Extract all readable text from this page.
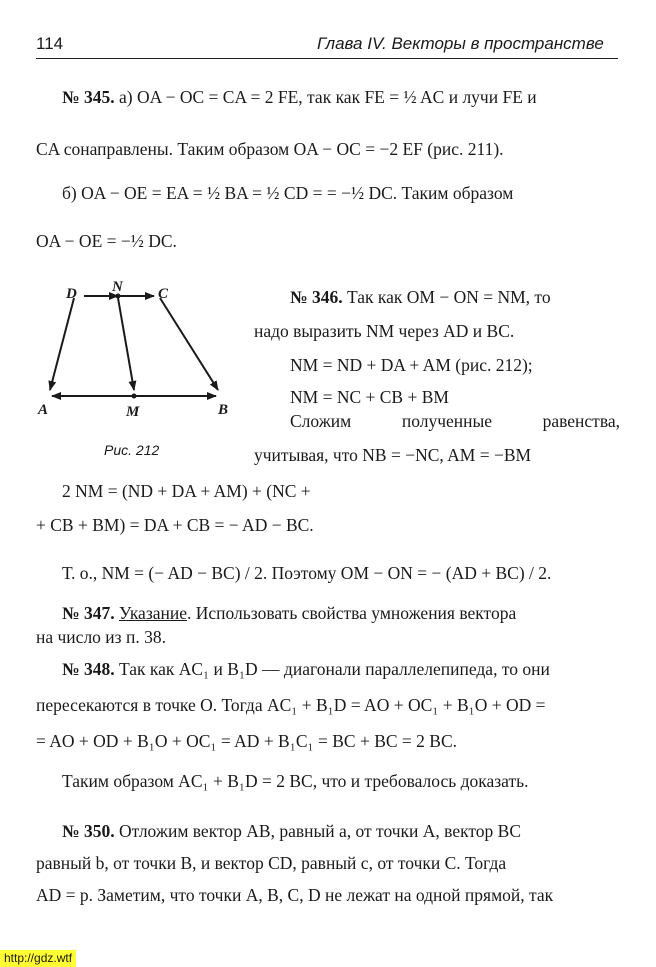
114	Глава IV. Векторы в пространстве
№ 345. а) OA − OC = CA = 2 FE, так как FE = ½ AC и лучи FE и
CA сонаправлены. Таким образом OA − OC = −2 EF (рис. 211).
б) OA − OE = EA = ½ BA = ½ CD = = −½ DC. Таким образом
OA − OE = −½ DC.
D N C
A	M	B
Рис. 212
№ 346. Так как OM − ON = NM, то
надо выразить NM через AD и BC.
NM = ND + DA + AM (рис. 212);
NM = NC + CB + BM
Сложим полученные равенства,
учитывая, что NB = −NC, AM = −BM
2 NM = (ND + DA + AM) + (NC +
+ CB + BM) = DA + CB = − AD − BC.
Т. о., NM = (− AD − BC) / 2. Поэтому OM − ON = − (AD + BC) / 2.
№ 347. Указание. Использовать свойства умножения вектора
на число из п. 38.
№ 348. Так как AC₁ и B₁D — диагонали параллелепипеда, то они
пересекаются в точке O. Тогда AC₁ + B₁D = AO + OC₁ + B₁O + OD =
= AO + OD + B₁O + OC₁ = AD + B₁C₁ = BC + BC = 2 BC.
Таким образом AC₁ + B₁D = 2 BC, что и требовалось доказать.
№ 350. Отложим вектор AB, равный a, от точки A, вектор BC
равный b, от точки B, и вектор CD, равный c, от точки C. Тогда
AD = p. Заметим, что точки A, B, C, D не лежат на одной прямой, так
http://gdz.wtf
